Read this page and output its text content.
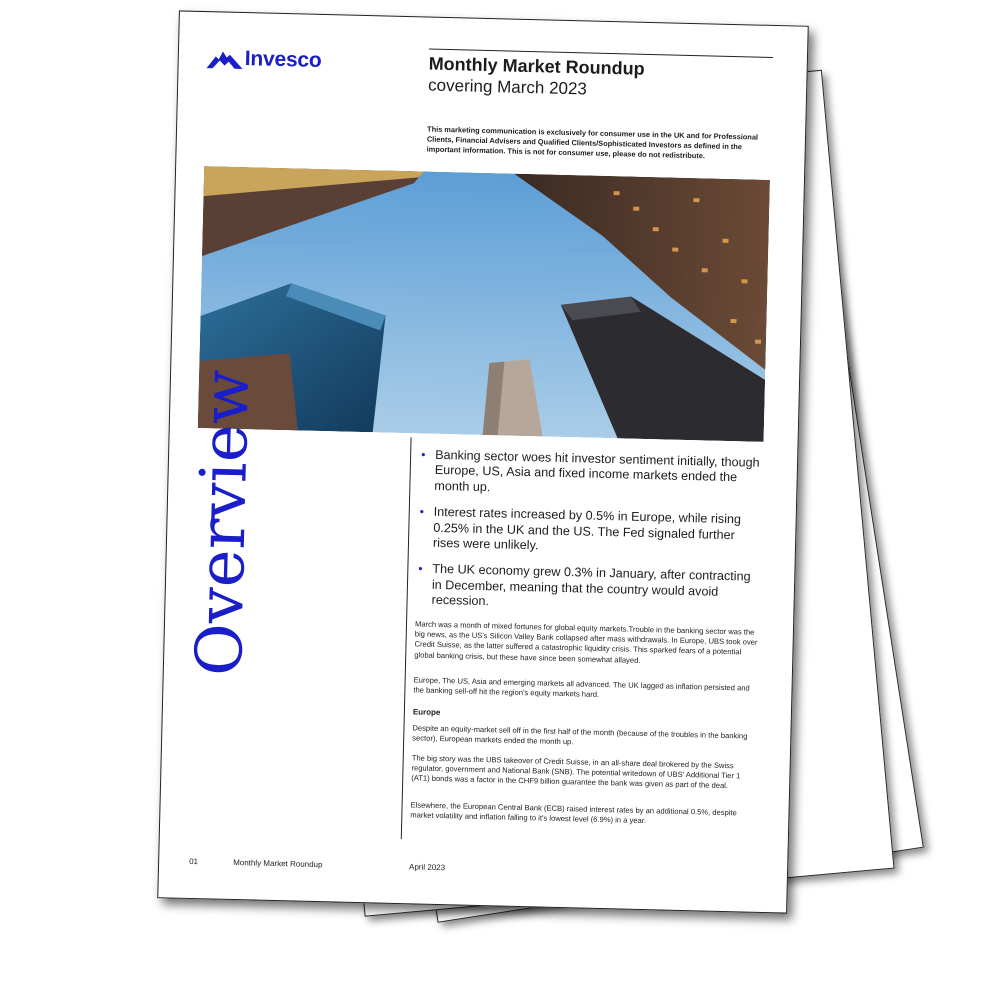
Invesco	Monthly Market Roundup
covering March 2023
This marketing communication is exclusively for consumer use in the UK and for Professional Clients, Financial Advisers and Qualified Clients/Sophisticated Investors as defined in the important information. This is not for consumer use, please do not redistribute.
Overview	• Banking sector woes hit investor sentiment initially, though Europe, US, Asia and fixed income markets ended the month up.
• Interest rates increased by 0.5% in Europe, while rising 0.25% in the UK and the US. The Fed signaled further rises were unlikely.
• The UK economy grew 0.3% in January, after contracting in December, meaning that the country would avoid recession.

March was a month of mixed fortunes for global equity markets.Trouble in the banking sector was the big news, as the US's Silicon Valley Bank collapsed after mass withdrawals. In Europe, UBS took over Credit Suisse, as the latter suffered a catastrophic liquidity crisis. This sparked fears of a potential global banking crisis, but these have since been somewhat allayed.

Europe, The US, Asia and emerging markets all advanced. The UK lagged as inflation persisted and the banking sell-off hit the region's equity markets hard.

Europe

Despite an equity-market sell off in the first half of the month (because of the troubles in the banking sector), European markets ended the month up.

The big story was the UBS takeover of Credit Suisse, in an all-share deal brokered by the Swiss regulator, government and National Bank (SNB). The potential writedown of UBS' Additional Tier 1 (AT1) bonds was a factor in the CHF9 billion guarantee the bank was given as part of the deal.

Elsewhere, the European Central Bank (ECB) raised interest rates by an additional 0.5%, despite market volatility and inflation falling to it's lowest level (6.9%) in a year.

01	Monthly Market Roundup	April 2023
